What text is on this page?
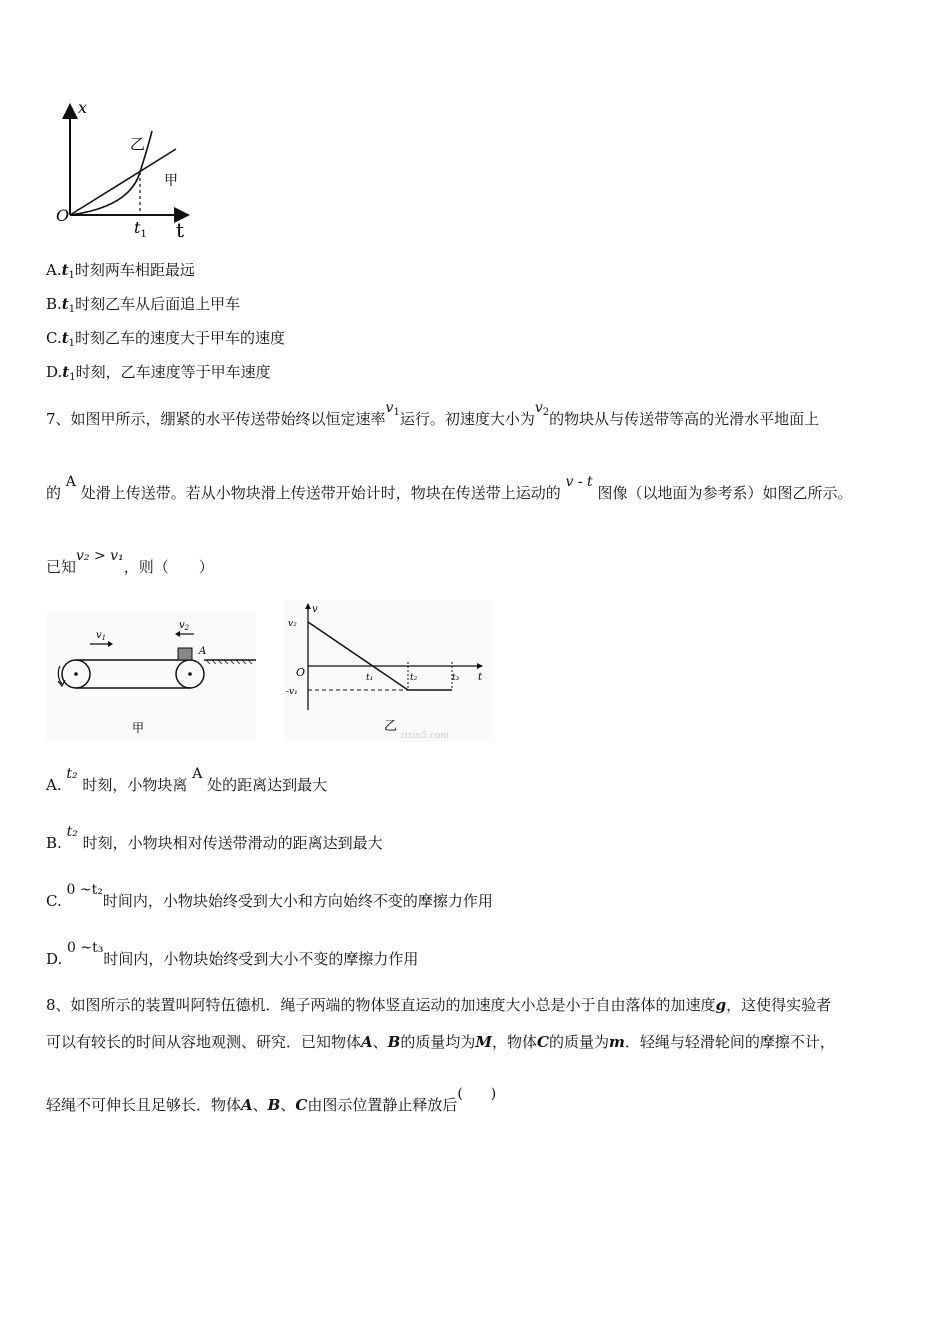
x
t
O
乙
甲
$t_1$
$A.t_1$时刻两车相距最远
$B.t_1$时刻乙车从后面追上甲车
$C.t_1$时刻乙车的速度大于甲车的速度
$D.t_1$时刻，乙车速度等于甲车速度
7、如图甲所示，绷紧的水平传送带始终以恒定速率$v_1$运行。初速度大小为$v_2$的物块从与传送带等高的光滑水平地面上
的 A 处滑上传送带。若从小物块滑上传送带开始计时，物块在传送带上运动的 v - t 图像（以地面为参考系）如图乙所示。
已知v₂ > v₁，则（　　）
$v_1$
$v_2$
A
甲
v
t
v₂
-v₁
O	t₁	t₂	t₃
乙
zixin5.com
A. t₂ 时刻，小物块离 A 处的距离达到最大
B. t₂ 时刻，小物块相对传送带滑动的距离达到最大
C. 0 ~t₂时间内，小物块始终受到大小和方向始终不变的摩擦力作用
D. 0 ~t₃时间内，小物块始终受到大小不变的摩擦力作用
8、如图所示的装置叫阿特伍德机．绳子两端的物体竖直运动的加速度大小总是小于自由落体的加速度g，这使得实验者
可以有较长的时间从容地观测、研究．已知物体A、B的质量均为M，物体C的质量为m．轻绳与轻滑轮间的摩擦不计，
轻绳不可伸长且足够长．物体A、B、C由图示位置静止释放后(　　)
